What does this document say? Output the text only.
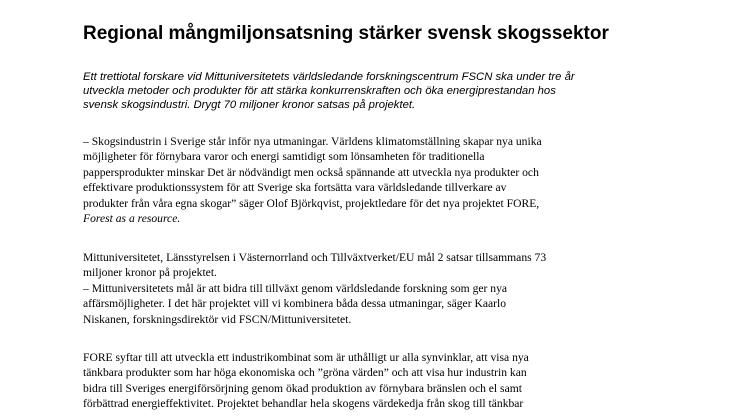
Regional mångmiljonsatsning stärker svensk skogssektor

Ett trettiotal forskare vid Mittuniversitetets världsledande forskningscentrum FSCN ska under tre år
utveckla metoder och produkter för att stärka konkurrenskraften och öka energiprestandan hos
svensk skogsindustri. Drygt 70 miljoner kronor satsas på projektet.

– Skogsindustrin i Sverige står inför nya utmaningar. Världens klimatomställning skapar nya unika
möjligheter för förnybara varor och energi samtidigt som lönsamheten för traditionella
pappersprodukter minskar Det är nödvändigt men också spännande att utveckla nya produkter och
effektivare produktionssystem för att Sverige ska fortsätta vara världsledande tillverkare av
produkter från våra egna skogar” säger Olof Björkqvist, projektledare för det nya projektet FORE,
Forest as a resource.
Mittuniversitetet, Länsstyrelsen i Västernorrland och Tillväxtverket/EU mål 2 satsar tillsammans 73
miljoner kronor på projektet.
– Mittuniversitetets mål är att bidra till tillväxt genom världsledande forskning som ger nya
affärsmöjligheter. I det här projektet vill vi kombinera båda dessa utmaningar, säger Kaarlo
Niskanen, forskningsdirektör vid FSCN/Mittuniversitetet.
FORE syftar till att utveckla ett industrikombinat som är uthålligt ur alla synvinklar, att visa nya
tänkbara produkter som har höga ekonomiska och ”gröna värden” och att visa hur industrin kan
bidra till Sveriges energiförsörjning genom ökad produktion av förnybara bränslen och el samt
förbättrad energieffektivitet. Projektet behandlar hela skogens värdekedja från skog till tänkbar
